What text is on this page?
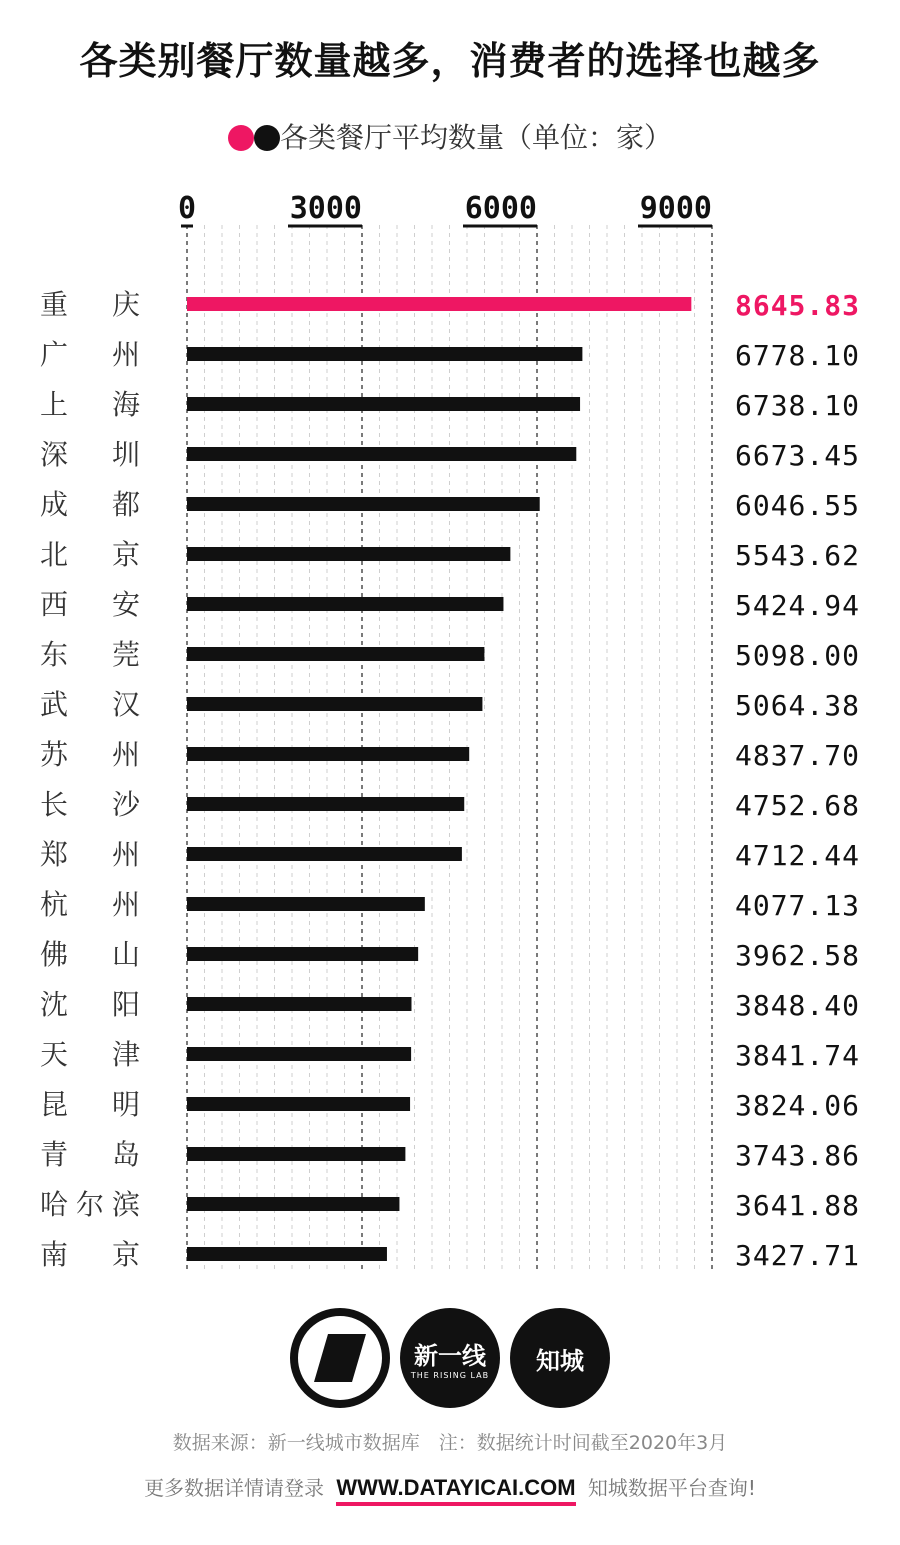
各类别餐厅数量越多，消费者的选择也越多
各类餐厅平均数量（单位：家）
0	3000	6000	9000
重　庆	8645.83
广　州	6778.10
上　海	6738.10
深　圳	6673.45
成　都	6046.55
北　京	5543.62
西　安	5424.94
东　莞	5098.00
武　汉	5064.38
苏　州	4837.70
长　沙	4752.68
郑　州	4712.44
杭　州	4077.13
佛　山	3962.58
沈　阳	3848.40
天　津	3841.74
昆　明	3824.06
青　岛	3743.86
哈尔滨	3641.88
南　京	3427.71
新一线
THE RISING LAB
知城
数据来源：新一线城市数据库　注：数据统计时间截至2020年3月
更多数据详情请登录 WWW.DATAYICAI.COM 知城数据平台查询!
